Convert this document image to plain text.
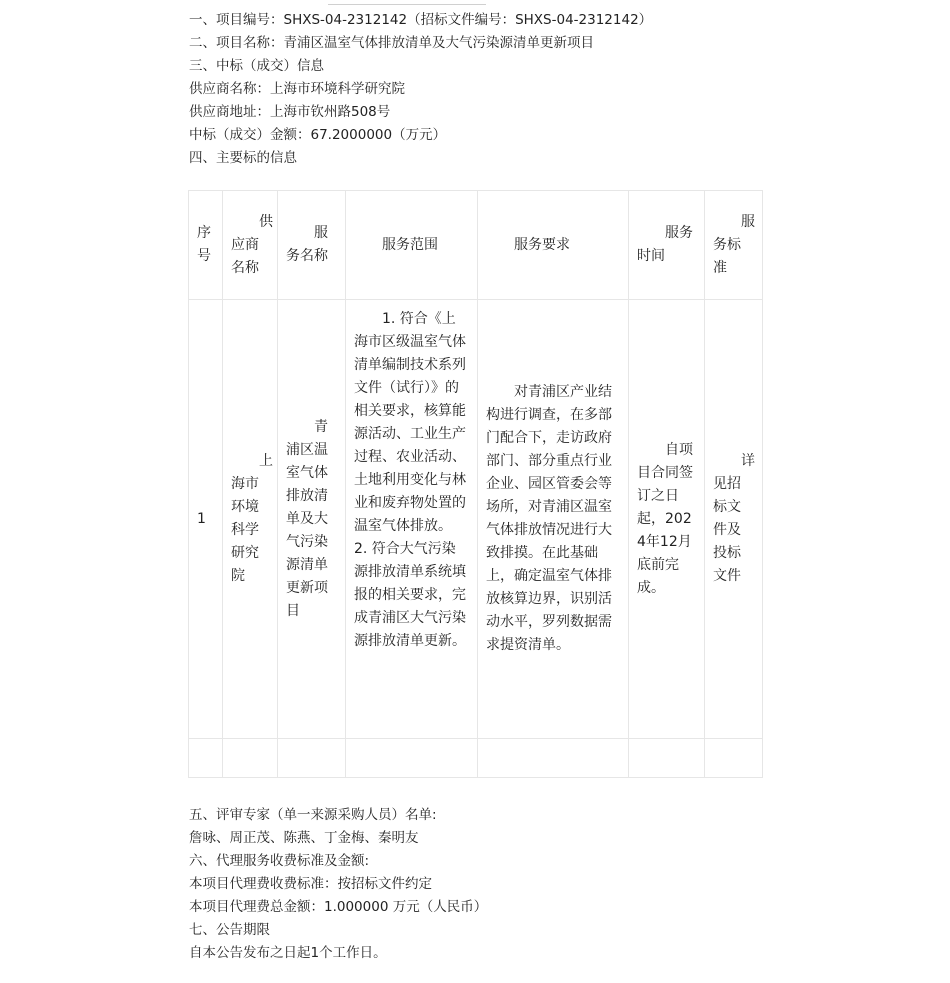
一、项目编号：SHXS-04-2312142（招标文件编号：SHXS-04-2312142）
二、项目名称：青浦区温室气体排放清单及大气污染源清单更新项目
三、中标（成交）信息
供应商名称：上海市环境科学研究院
供应商地址：上海市钦州路508号
中标（成交）金额：67.2000000（万元）
四、主要标的信息
序号	供应商名称	服务名称	服务范围	服务要求	服务时间	服务标准
1	上海市环境科学研究院	青浦区温室气体排放清单及大气污染源清单更新项目	1. 符合《上海市区级温室气体清单编制技术系列文件（试行）》的相关要求，核算能源活动、工业生产过程、农业活动、土地利用变化与林业和废弃物处置的温室气体排放。
2. 符合大气污染源排放清单系统填报的相关要求，完成青浦区大气污染源排放清单更新。	对青浦区产业结构进行调查，在多部门配合下，走访政府部门、部分重点行业企业、园区管委会等场所，对青浦区温室气体排放情况进行大致排摸。在此基础上，确定温室气体排放核算边界，识别活动水平，罗列数据需求提资清单。	自项目合同签订之日起，2024年12月底前完成。	详见招标文件及投标文件

五、评审专家（单一来源采购人员）名单:
詹咏、周正茂、陈燕、丁金梅、秦明友
六、代理服务收费标准及金额:
本项目代理费收费标准：按招标文件约定
本项目代理费总金额：1.000000 万元（人民币）
七、公告期限
自本公告发布之日起1个工作日。
